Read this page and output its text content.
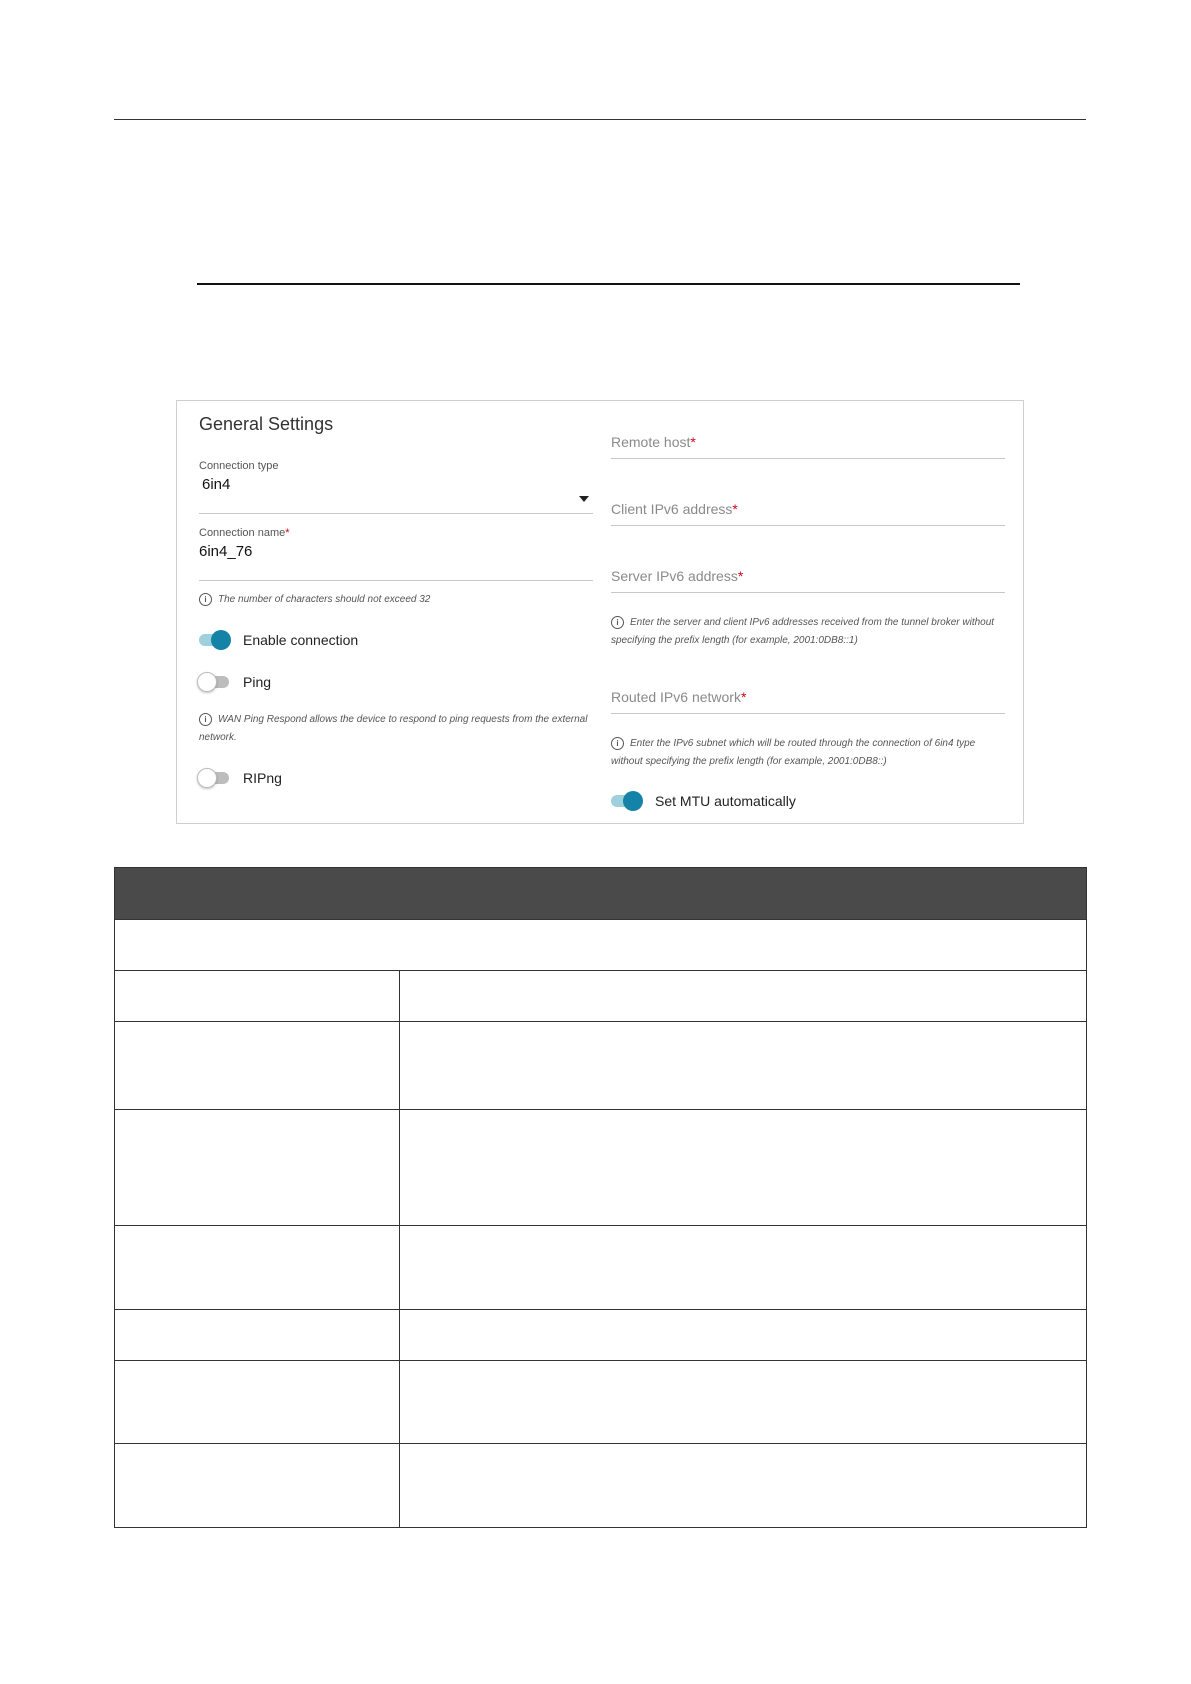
General Settings
Connection type
6in4
Connection name*
6in4_76
i The number of characters should not exceed 32
Enable connection
Ping
i WAN Ping Respond allows the device to respond to ping requests from the external network.
RIPng
Remote host*
Client IPv6 address*
Server IPv6 address*
i Enter the server and client IPv6 addresses received from the tunnel broker without specifying the prefix length (for example, 2001:0DB8::1)
Routed IPv6 network*
i Enter the IPv6 subnet which will be routed through the connection of 6in4 type without specifying the prefix length (for example, 2001:0DB8::)
Set MTU automatically
